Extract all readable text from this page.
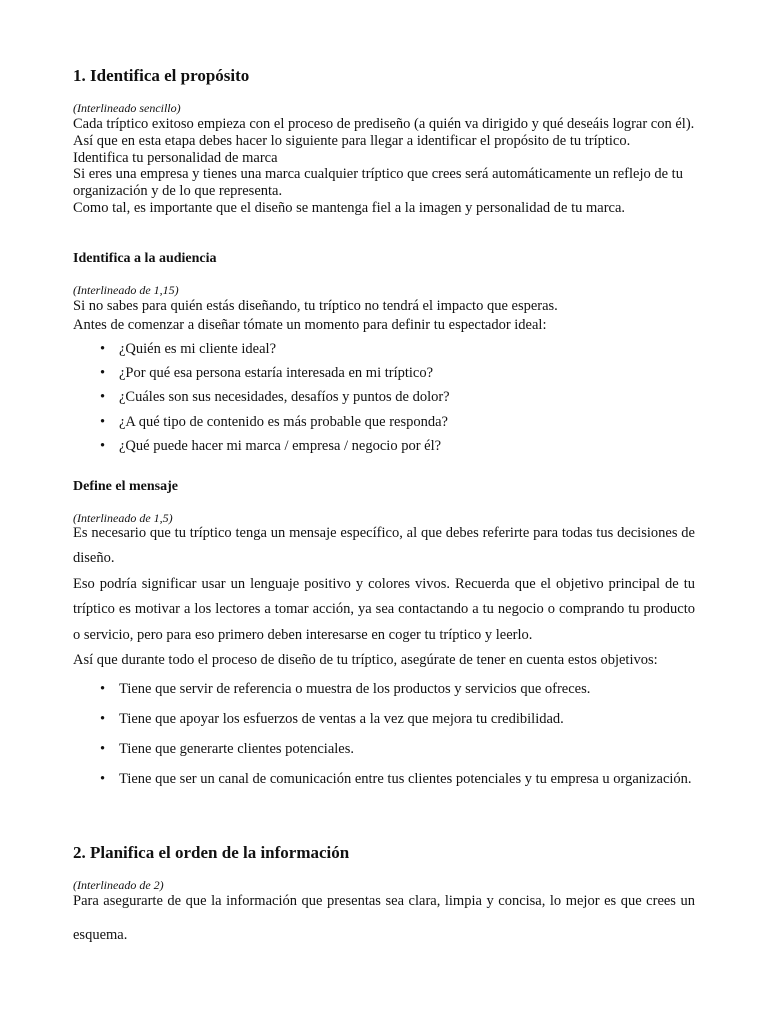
1. Identifica el propósito
(Interlineado sencillo)

Cada tríptico exitoso empieza con el proceso de prediseño (a quién va dirigido y qué deseáis lograr con él).

Así que en esta etapa debes hacer lo siguiente para llegar a identificar el propósito de tu tríptico.

Identifica tu personalidad de marca

Si eres una empresa y tienes una marca cualquier tríptico que crees será automáticamente un reflejo de tu organización y de lo que representa.

Como tal, es importante que el diseño se mantenga fiel a la imagen y personalidad de tu marca.

Identifica a la audiencia
(Interlineado de 1,15)

Si no sabes para quién estás diseñando, tu tríptico no tendrá el impacto que esperas.

Antes de comenzar a diseñar tómate un momento para definir tu espectador ideal:

• ¿Quién es mi cliente ideal?
• ¿Por qué esa persona estaría interesada en mi tríptico?
• ¿Cuáles son sus necesidades, desafíos y puntos de dolor?
• ¿A qué tipo de contenido es más probable que responda?
• ¿Qué puede hacer mi marca / empresa / negocio por él?
Define el mensaje
(Interlineado de 1,5)

Es necesario que tu tríptico tenga un mensaje específico, al que debes referirte para todas tus decisiones de diseño.

Eso podría significar usar un lenguaje positivo y colores vivos. Recuerda que el objetivo principal de tu tríptico es motivar a los lectores a tomar acción, ya sea contactando a tu negocio o comprando tu producto o servicio, pero para eso primero deben interesarse en coger tu tríptico y leerlo.

Así que durante todo el proceso de diseño de tu tríptico, asegúrate de tener en cuenta estos objetivos:

• Tiene que servir de referencia o muestra de los productos y servicios que ofreces.
• Tiene que apoyar los esfuerzos de ventas a la vez que mejora tu credibilidad.
• Tiene que generarte clientes potenciales.
• Tiene que ser un canal de comunicación entre tus clientes potenciales y tu empresa u organización.
2. Planifica el orden de la información
(Interlineado de 2)

Para asegurarte de que la información que presentas sea clara, limpia y concisa, lo mejor es que crees un esquema.
